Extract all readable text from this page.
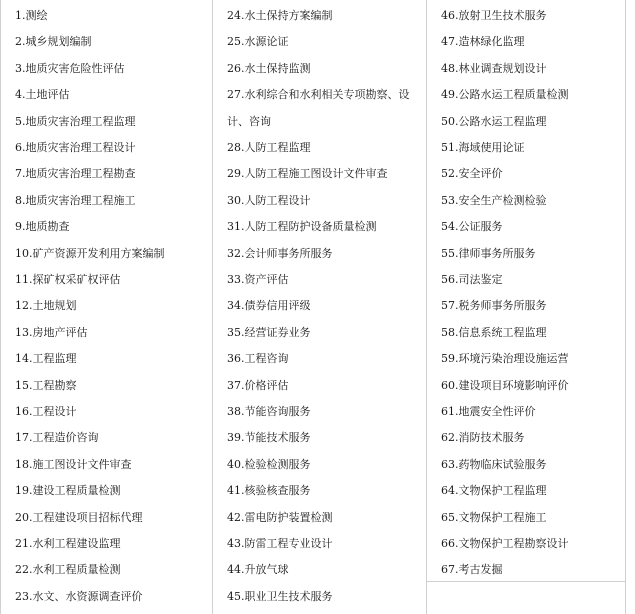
1.测绘
2.城乡规划编制
3.地质灾害危险性评估
4.土地评估
5.地质灾害治理工程监理
6.地质灾害治理工程设计
7.地质灾害治理工程勘查
8.地质灾害治理工程施工
9.地质勘查
10.矿产资源开发利用方案编制
11.探矿权采矿权评估
12.土地规划
13.房地产评估
14.工程监理
15.工程勘察
16.工程设计
17.工程造价咨询
18.施工图设计文件审查
19.建设工程质量检测
20.工程建设项目招标代理
21.水利工程建设监理
22.水利工程质量检测
23.水文、水资源调查评价
24.水土保持方案编制
25.水源论证
26.水土保持监测
27.水利综合和水利相关专项勘察、设
计、咨询
28.人防工程监理
29.人防工程施工图设计文件审查
30.人防工程设计
31.人防工程防护设备质量检测
32.会计师事务所服务
33.资产评估
34.债券信用评级
35.经营证券业务
36.工程咨询
37.价格评估
38.节能咨询服务
39.节能技术服务
40.检验检测服务
41.核验核查服务
42.雷电防护装置检测
43.防雷工程专业设计
44.升放气球
45.职业卫生技术服务
46.放射卫生技术服务
47.造林绿化监理
48.林业调查规划设计
49.公路水运工程质量检测
50.公路水运工程监理
51.海域使用论证
52.安全评价
53.安全生产检测检验
54.公证服务
55.律师事务所服务
56.司法鉴定
57.税务师事务所服务
58.信息系统工程监理
59.环境污染治理设施运营
60.建设项目环境影响评价
61.地震安全性评价
62.消防技术服务
63.药物临床试验服务
64.文物保护工程监理
65.文物保护工程施工
66.文物保护工程勘察设计
67.考古发掘
